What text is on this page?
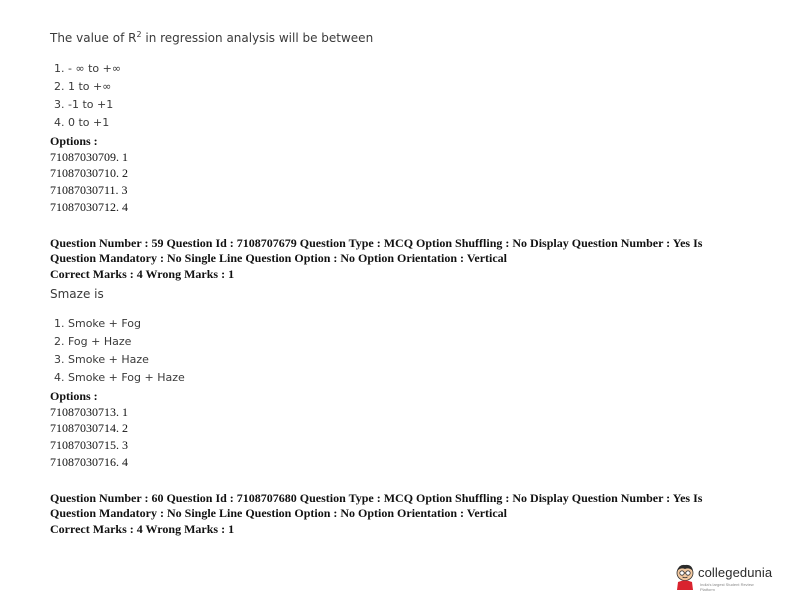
The value of $R^2$ in regression analysis will be between
1. - ∞ to +∞
2. 1 to +∞
3. -1 to +1
4. 0 to +1
Options :
71087030709. 1
71087030710. 2
71087030711. 3
71087030712. 4
Question Number : 59 Question Id : 7108707679 Question Type : MCQ Option Shuffling : No Display Question Number : Yes Is
Question Mandatory : No Single Line Question Option : No Option Orientation : Vertical
Correct Marks : 4 Wrong Marks : 1
Smaze is
1. Smoke + Fog
2. Fog + Haze
3. Smoke + Haze
4. Smoke + Fog + Haze
Options :
71087030713. 1
71087030714. 2
71087030715. 3
71087030716. 4
Question Number : 60 Question Id : 7108707680 Question Type : MCQ Option Shuffling : No Display Question Number : Yes Is
Question Mandatory : No Single Line Question Option : No Option Orientation : Vertical
Correct Marks : 4 Wrong Marks : 1
collegedunia
India's largest Student Review Platform
